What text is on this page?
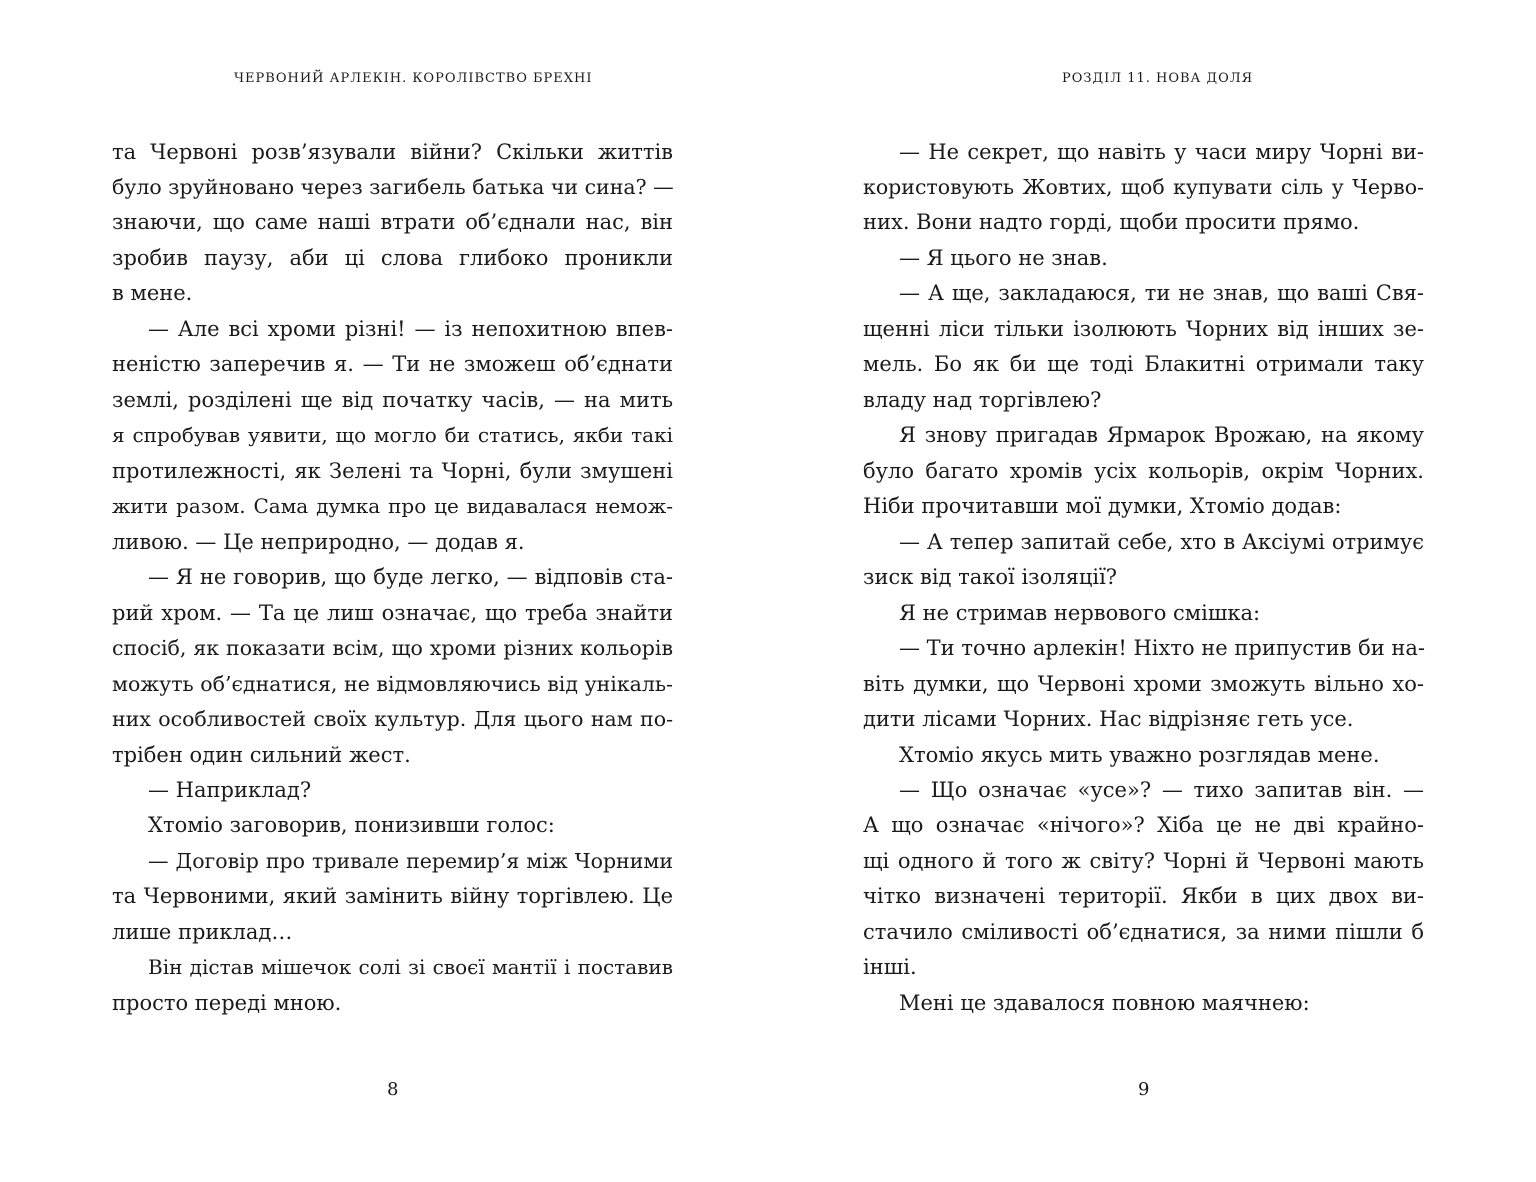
ЧЕРВОНИЙ АРЛЕКІН. КОРОЛІВСТВО БРЕХНІ
та Червоні розв’язували війни? Скільки життів
було зруйновано через загибель батька чи сина? —
знаючи, що саме наші втрати об’єднали нас, він
зробив паузу, аби ці слова глибоко проникли
в мене.
— Але всі хроми різні! — із непохитною впев-
неністю заперечив я. — Ти не зможеш об’єднати
землі, розділені ще від початку часів, — на мить
я спробував уявити, що могло би статись, якби такі
протилежності, як Зелені та Чорні, були змушені
жити разом. Сама думка про це видавалася немож-
ливою. — Це неприродно, — додав я.
— Я не говорив, що буде легко, — відповів ста-
рий хром. — Та це лиш означає, що треба знайти
спосіб, як показати всім, що хроми різних кольорів
можуть об’єднатися, не відмовляючись від унікаль-
них особливостей своїх культур. Для цього нам по-
трібен один сильний жест.
— Наприклад?
Хтоміо заговорив, понизивши голос:
— Договір про тривале перемир’я між Чорними
та Червоними, який замінить війну торгівлею. Це
лише приклад…
Він дістав мішечок солі зі своєї мантії і поставив
просто переді мною.
8
РОЗДІЛ 11. НОВА ДОЛЯ
— Не секрет, що навіть у часи миру Чорні ви-
користовують Жовтих, щоб купувати сіль у Червo-
них. Вони надто горді, щоби просити прямо.
— Я цього не знав.
— А ще, закладаюся, ти не знав, що ваші Свя-
щенні ліси тільки ізолюють Чорних від інших зе-
мель. Бо як би ще тоді Блакитні отримали таку
владу над торгівлею?
Я знову пригадав Ярмарок Врожаю, на якому
було багато хромів усіх кольорів, окрім Чорних.
Ніби прочитавши мої думки, Хтоміо додав:
— А тепер запитай себе, хто в Аксіумі отримує
зиск від такої ізоляції?
Я не стримав нервового смішка:
— Ти точно арлекін! Ніхто не припустив би на-
віть думки, що Червоні хроми зможуть вільно хо-
дити лісами Чорних. Нас відрізняє геть усе.
Хтоміо якусь мить уважно розглядав мене.
— Що означає «усе»? — тихо запитав він. —
А що означає «нічого»? Хіба це не дві крайно-
щі одного й того ж світу? Чорні й Червоні мають
чітко визначені території. Якби в цих двох ви-
стачило сміливості об’єднатися, за ними пішли б
інші.
Мені це здавалося повною маячнею:
9
